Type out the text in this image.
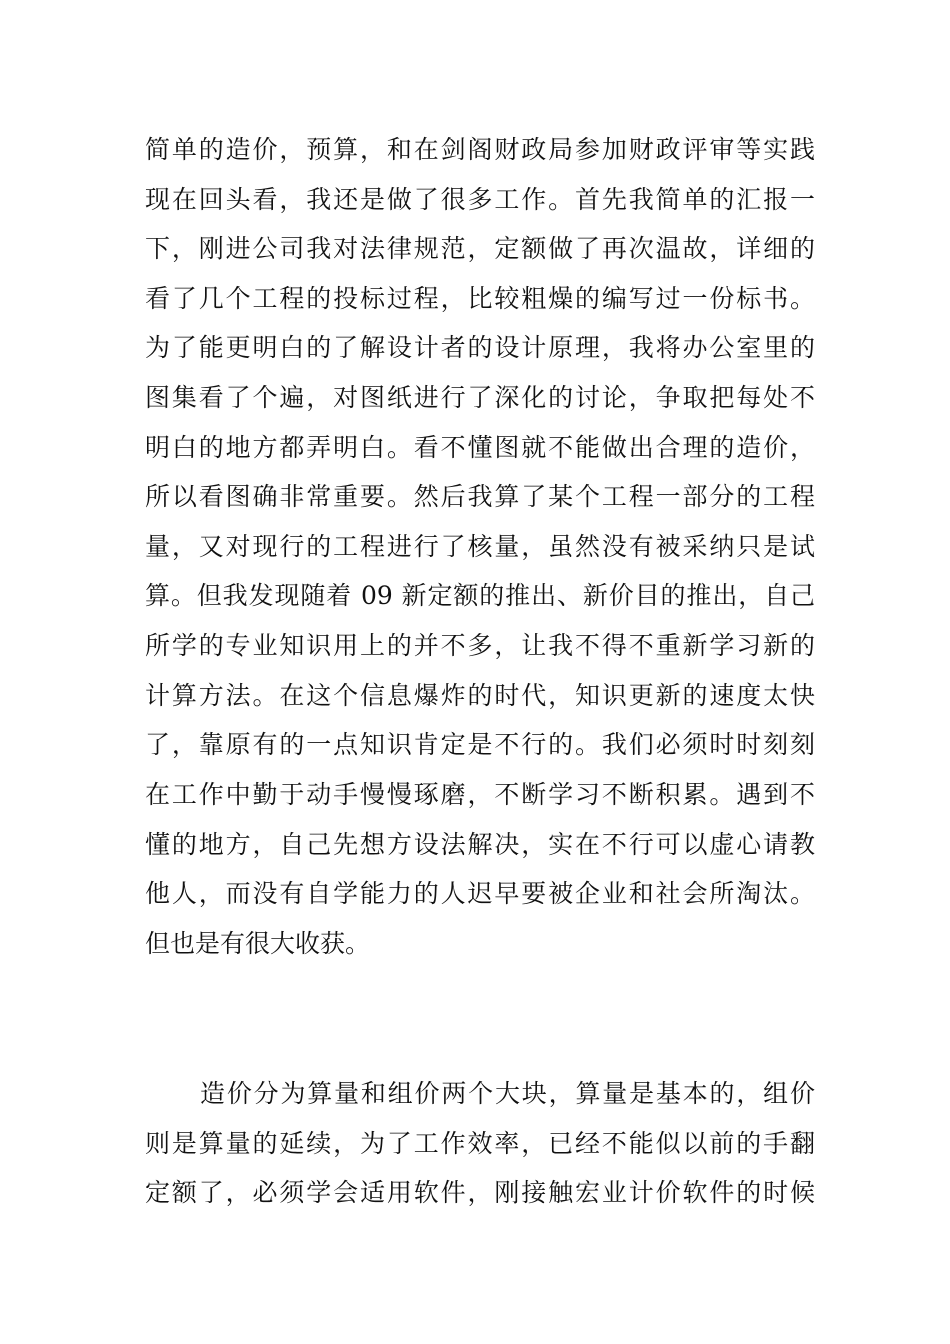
简单的造价，预算，和在剑阁财政局参加财政评审等实践
现在回头看，我还是做了很多工作。首先我简单的汇报一
下，刚进公司我对法律规范，定额做了再次温故，详细的
看了几个工程的投标过程，比较粗燥的编写过一份标书。
为了能更明白的了解设计者的设计原理，我将办公室里的
图集看了个遍，对图纸进行了深化的讨论，争取把每处不
明白的地方都弄明白。看不懂图就不能做出合理的造价，
所以看图确非常重要。然后我算了某个工程一部分的工程
量，又对现行的工程进行了核量，虽然没有被采纳只是试
算。但我发现随着 09 新定额的推出、新价目的推出，自己
所学的专业知识用上的并不多，让我不得不重新学习新的
计算方法。在这个信息爆炸的时代，知识更新的速度太快
了，靠原有的一点知识肯定是不行的。我们必须时时刻刻
在工作中勤于动手慢慢琢磨，不断学习不断积累。遇到不
懂的地方，自己先想方设法解决，实在不行可以虚心请教
他人，而没有自学能力的人迟早要被企业和社会所淘汰。
但也是有很大收获。
造价分为算量和组价两个大块，算量是基本的，组价
则是算量的延续，为了工作效率，已经不能似以前的手翻
定额了，必须学会适用软件，刚接触宏业计价软件的时候
